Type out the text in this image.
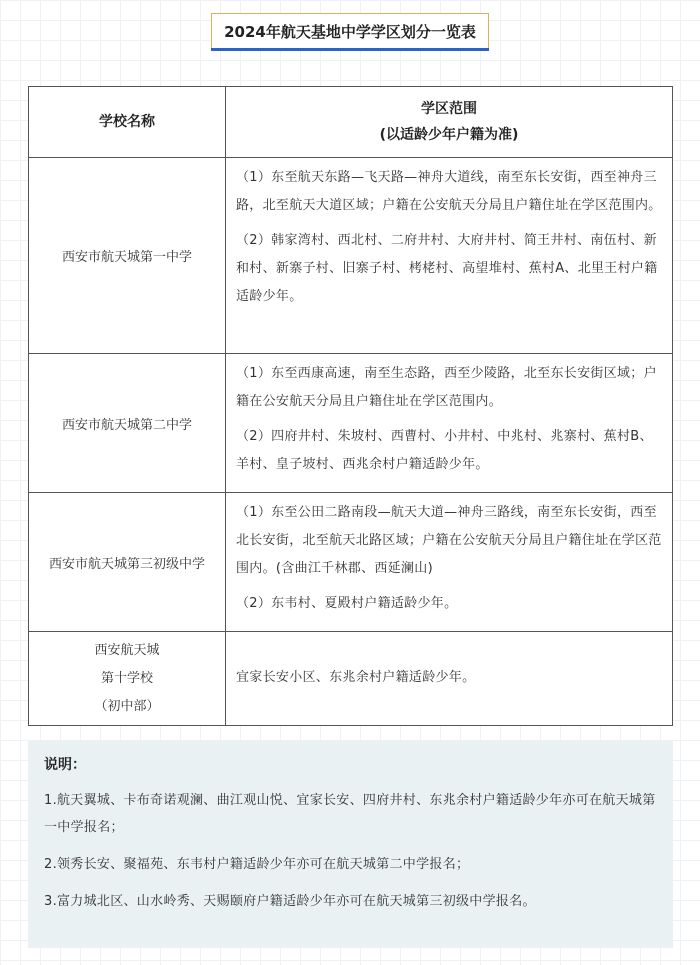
2024年航天基地中学学区划分一览表
学校名称	学区范围
(以适龄少年户籍为准)

西安市航天城第一中学	（1）东至航天东路—飞天路—神舟大道线，南至东长安街，西至神舟三路，北至航天大道区域；户籍在公安航天分局且户籍住址在学区范围内。

（2）韩家湾村、西北村、二府井村、大府井村、简王井村、南伍村、新和村、新寨子村、旧寨子村、栲栳村、高望堆村、蕉村A、北里王村户籍适龄少年。

西安市航天城第二中学	（1）东至西康高速，南至生态路，西至少陵路，北至东长安街区域；户籍在公安航天分局且户籍住址在学区范围内。

（2）四府井村、朱坡村、西曹村、小井村、中兆村、兆寨村、蕉村B、羊村、皇子坡村、西兆余村户籍适龄少年。

西安市航天城第三初级中学	（1）东至公田二路南段—航天大道—神舟三路线，南至东长安街，西至北长安街，北至航天北路区域；户籍在公安航天分局且户籍住址在学区范围内。(含曲江千林郡、西延澜山)

（2）东韦村、夏殿村户籍适龄少年。

西安航天城
第十学校
（初中部）	宜家长安小区、东兆余村户籍适龄少年。

说明：

1.航天翼城、卡布奇诺观澜、曲江观山悦、宜家长安、四府井村、东兆余村户籍适龄少年亦可在航天城第一中学报名；

2.领秀长安、聚福苑、东韦村户籍适龄少年亦可在航天城第二中学报名；

3.富力城北区、山水岭秀、天赐颐府户籍适龄少年亦可在航天城第三初级中学报名。
